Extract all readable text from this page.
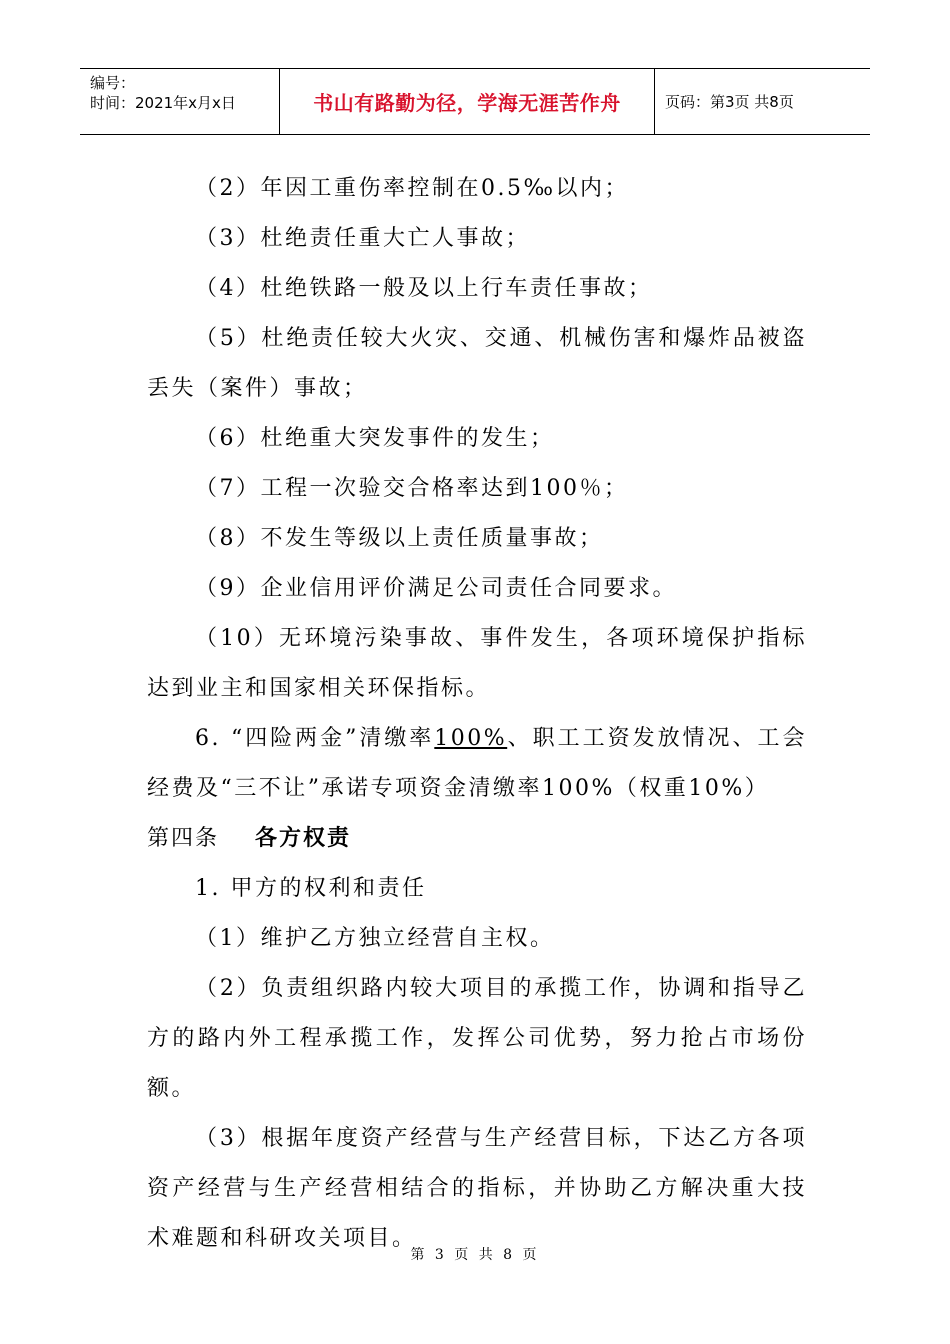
编号：
时间：2021年x月x日	书山有路勤为径，学海无涯苦作舟	页码：第3页 共8页

（2）年因工重伤率控制在0.5‰以内；

（3）杜绝责任重大亡人事故；

（4）杜绝铁路一般及以上行车责任事故；

（5）杜绝责任较大火灾、交通、机械伤害和爆炸品被盗丢失（案件）事故；

（6）杜绝重大突发事件的发生；

（7）工程一次验交合格率达到100％；

（8）不发生等级以上责任质量事故；

（9）企业信用评价满足公司责任合同要求。

（10）无环境污染事故、事件发生，各项环境保护指标达到业主和国家相关环保指标。

6. “四险两金”清缴率100%、职工工资发放情况、工会经费及“三不让”承诺专项资金清缴率100%（权重10%）

第四条 各方权责

1. 甲方的权利和责任

（1）维护乙方独立经营自主权。

（2）负责组织路内较大项目的承揽工作，协调和指导乙方的路内外工程承揽工作，发挥公司优势，努力抢占市场份额。

（3）根据年度资产经营与生产经营目标，下达乙方各项资产经营与生产经营相结合的指标，并协助乙方解决重大技术难题和科研攻关项目。

第 3 页 共 8 页
